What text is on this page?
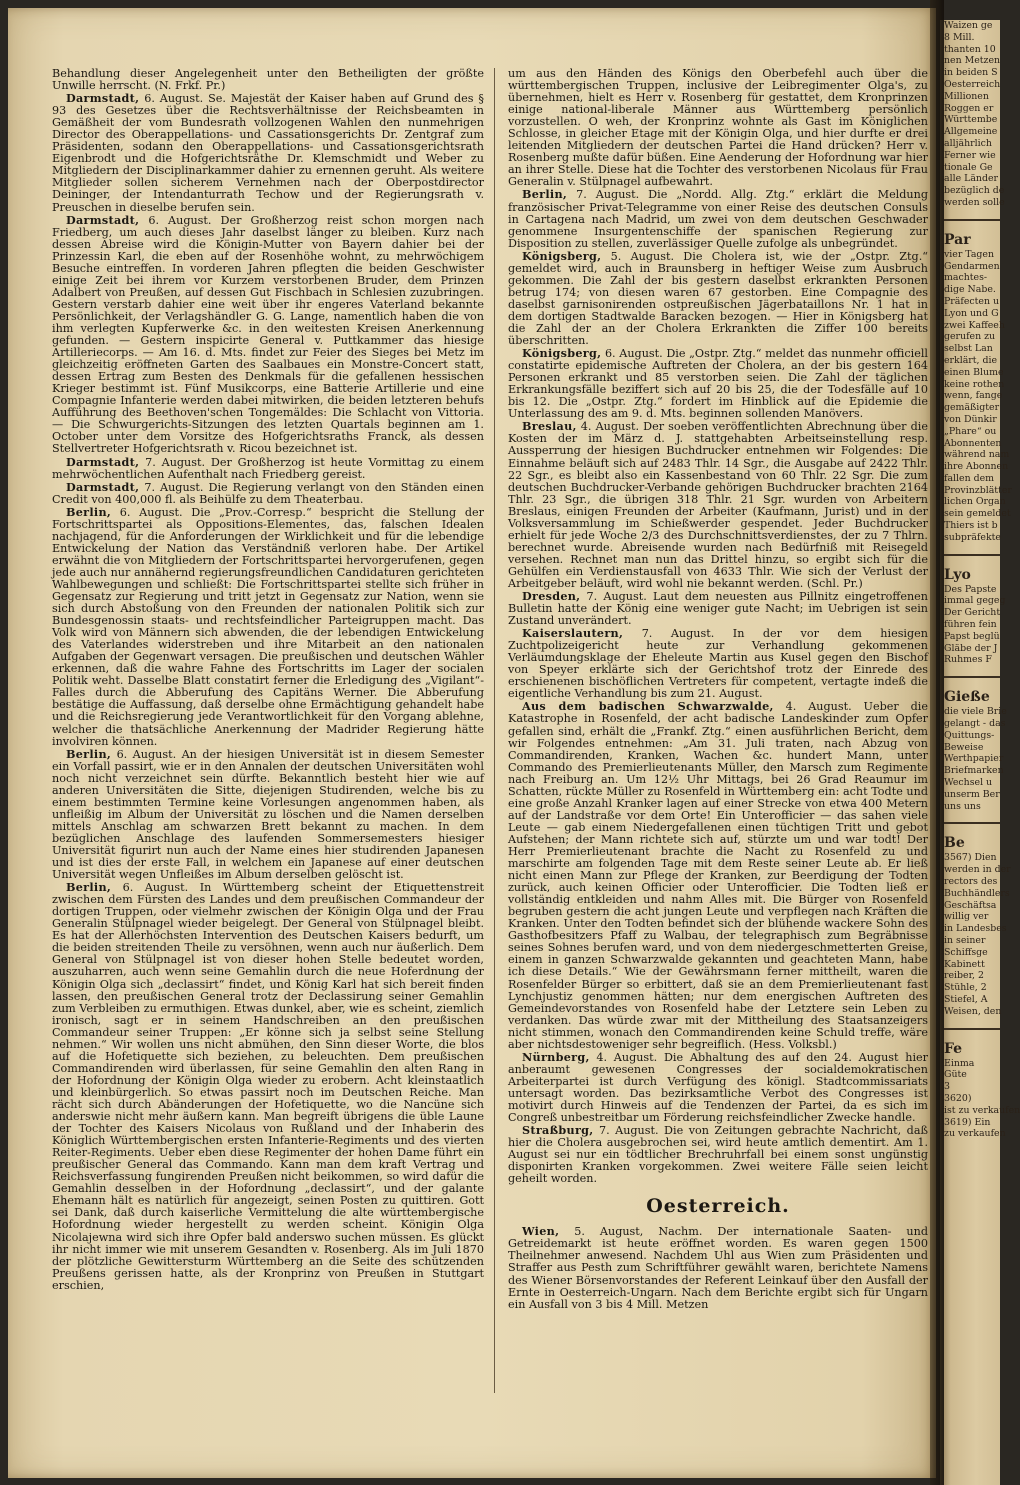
Waizen ge
8 Mill.
thanten 10
nen Metzen
in beiden S
Oesterreich
Millionen
Roggen er
Württembe
Allgemeine
alljährlich
Ferner wie
tionale Ge
alle Länder
bezüglich de
werden solle
Par
vier Tagen
Gendarmen
machtes-
dige Nabe.
Präfecten u
Lyon und G
zwei Kaffeeh
gerufen zu
selbst Lan
erklärt, die
einen Blume
keine rothen
wenn, fange
gemäßigter
von Dünkir
„Phare“ ou
Abonnenten
während nam
ihre Abonnen
fallen dem
Provinzblätter
lichen Organ
sein gemeldet
Thiers ist b
subpräfekte
Lyo
Des Papste
immal gegeg
Der Gericht
führen fein
Papst beglü
Gläbe der J
Ruhmes F
Gieße
die viele Brie
gelangt - das
Quittungs-
Beweise
Werthpapier
Briefmarken
Wechsel u
unserm Ber
uns uns
Be
3567) Dien
werden in der
rectors des
Buchhändlers
Geschäftsa
willig ver
in Landesbes
in seiner
Schiffsge
Kabinett
reiber, 2
Stühle, 2
Stiefel, A
Weisen, den
Fe
Einma
Güte
3
3620)
ist zu verkaufen
3619) Ein
zu verkaufen

Behandlung dieser Angelegenheit unter den Betheiligten der größte Unwille herrscht. (N. Frkf. Pr.)

Darmstadt, 6. August. Se. Majestät der Kaiser haben auf Grund des § 93 des Gesetzes über die Rechtsverhältnisse der Reichsbeamten in Gemäßheit der vom Bundesrath vollzogenen Wahlen den nunmehrigen Director des Oberappellations- und Cassationsgerichts Dr. Zentgraf zum Präsidenten, sodann den Oberappellations- und Cassationsgerichtsrath Eigenbrodt und die Hofgerichtsräthe Dr. Klemschmidt und Weber zu Mitgliedern der Disciplinarkammer dahier zu ernennen geruht. Als weitere Mitglieder sollen sicherem Vernehmen nach der Oberpostdirector Deininger, der Intendanturrath Techow und der Regierungsrath v. Preuschen in dieselbe berufen sein.

Darmstadt, 6. August. Der Großherzog reist schon morgen nach Friedberg, um auch dieses Jahr daselbst länger zu bleiben. Kurz nach dessen Abreise wird die Königin-Mutter von Bayern dahier bei der Prinzessin Karl, die eben auf der Rosenhöhe wohnt, zu mehrwöchigem Besuche eintreffen. In vorderen Jahren pflegten die beiden Geschwister einige Zeit bei ihrem vor Kurzem verstorbenen Bruder, dem Prinzen Adalbert von Preußen, auf dessen Gut Fischbach in Schlesien zuzubringen. Gestern verstarb dahier eine weit über ihr engeres Vaterland bekannte Persönlichkeit, der Verlagshändler G. G. Lange, namentlich haben die von ihm verlegten Kupferwerke &c. in den weitesten Kreisen Anerkennung gefunden. — Gestern inspicirte General v. Puttkammer das hiesige Artilleriecorps. — Am 16. d. Mts. findet zur Feier des Sieges bei Metz im gleichzeitig eröffneten Garten des Saalbaues ein Monstre-Concert statt, dessen Ertrag zum Besten des Denkmals für die gefallenen hessischen Krieger bestimmt ist. Fünf Musikcorps, eine Batterie Artillerie und eine Compagnie Infanterie werden dabei mitwirken, die beiden letzteren behufs Aufführung des Beethoven'schen Tongemäldes: Die Schlacht von Vittoria. — Die Schwurgerichts-Sitzungen des letzten Quartals beginnen am 1. October unter dem Vorsitze des Hofgerichtsraths Franck, als dessen Stellvertreter Hofgerichtsrath v. Ricou bezeichnet ist.

Darmstadt, 7. August. Der Großherzog ist heute Vormittag zu einem mehrwöchentlichen Aufenthalt nach Friedberg gereist.

Darmstadt, 7. August. Die Regierung verlangt von den Ständen einen Credit von 400,000 fl. als Beihülfe zu dem Theaterbau.

Berlin, 6. August. Die „Prov.-Corresp.“ bespricht die Stellung der Fortschrittspartei als Oppositions-Elementes, das, falschen Idealen nachjagend, für die Anforderungen der Wirklichkeit und für die lebendige Entwickelung der Nation das Verständniß verloren habe. Der Artikel erwähnt die von Mitgliedern der Fortschrittspartei hervorgerufenen, gegen jede auch nur annähernd regierungsfreundlichen Candidaturen gerichteten Wahlbewegungen und schließt: Die Fortschrittspartei stellte sich früher in Gegensatz zur Regierung und tritt jetzt in Gegensatz zur Nation, wenn sie sich durch Abstoßung von den Freunden der nationalen Politik sich zur Bundesgenossin staats- und rechtsfeindlicher Parteigruppen macht. Das Volk wird von Männern sich abwenden, die der lebendigen Entwickelung des Vaterlandes widerstreben und ihre Mitarbeit an den nationalen Aufgaben der Gegenwart versagen. Die preußischen und deutschen Wähler erkennen, daß die wahre Fahne des Fortschritts im Lager der socialen Politik weht. Dasselbe Blatt constatirt ferner die Erledigung des „Vigilant“-Falles durch die Abberufung des Capitäns Werner. Die Abberufung bestätige die Auffassung, daß derselbe ohne Ermächtigung gehandelt habe und die Reichsregierung jede Verantwortlichkeit für den Vorgang ablehne, welcher die thatsächliche Anerkennung der Madrider Regierung hätte involviren können.

Berlin, 6. August. An der hiesigen Universität ist in diesem Semester ein Vorfall passirt, wie er in den Annalen der deutschen Universitäten wohl noch nicht verzeichnet sein dürfte. Bekanntlich besteht hier wie auf anderen Universitäten die Sitte, diejenigen Studirenden, welche bis zu einem bestimmten Termine keine Vorlesungen angenommen haben, als unfleißig im Album der Universität zu löschen und die Namen derselben mittels Anschlag am schwarzen Brett bekannt zu machen. In dem bezüglichen Anschlage des laufenden Sommersemesters hiesiger Universität figurirt nun auch der Name eines hier studirenden Japanesen und ist dies der erste Fall, in welchem ein Japanese auf einer deutschen Universität wegen Unfleißes im Album derselben gelöscht ist.

Berlin, 6. August. In Württemberg scheint der Etiquettenstreit zwischen dem Fürsten des Landes und dem preußischen Commandeur der dortigen Truppen, oder vielmehr zwischen der Königin Olga und der Frau Generalin Stülpnagel wieder beigelegt. Der General von Stülpnagel bleibt. Es hat der Allerhöchsten Intervention des Deutschen Kaisers bedurft, um die beiden streitenden Theile zu versöhnen, wenn auch nur äußerlich. Dem General von Stülpnagel ist von dieser hohen Stelle bedeutet worden, auszuharren, auch wenn seine Gemahlin durch die neue Hoferdnung der Königin Olga sich „declassirt“ findet, und König Karl hat sich bereit finden lassen, den preußischen General trotz der Declassirung seiner Gemahlin zum Verbleiben zu ermuthigen. Etwas dunkel, aber, wie es scheint, ziemlich ironisch, sagt er in seinem Handschreiben an den preußischen Commandeur seiner Truppen: „Er könne sich ja selbst seine Stellung nehmen.“ Wir wollen uns nicht abmühen, den Sinn dieser Worte, die blos auf die Hofetiquette sich beziehen, zu beleuchten. Dem preußischen Commandirenden wird überlassen, für seine Gemahlin den alten Rang in der Hofordnung der Königin Olga wieder zu erobern. Acht kleinstaatlich und kleinbürgerlich. So etwas passirt noch im Deutschen Reiche. Man rächt sich durch Abänderungen der Hofetiquette, wo die Nancüne sich anderswie nicht mehr äußern kann. Man begreift übrigens die üble Laune der Tochter des Kaisers Nicolaus von Rußland und der Inhaberin des Königlich Württembergischen ersten Infanterie-Regiments und des vierten Reiter-Regiments. Ueber eben diese Regimenter der hohen Dame führt ein preußischer General das Commando. Kann man dem kraft Vertrag und Reichsverfassung fungirenden Preußen nicht beikommen, so wird dafür die Gemahlin desselben in der Hofordnung „declassirt“, und der galante Ehemann hält es natürlich für angezeigt, seinen Posten zu quittiren. Gott sei Dank, daß durch kaiserliche Vermittelung die alte württembergische Hofordnung wieder hergestellt zu werden scheint. Königin Olga Nicolajewna wird sich ihre Opfer bald anderswo suchen müssen. Es glückt ihr nicht immer wie mit unserem Gesandten v. Rosenberg. Als im Juli 1870 der plötzliche Gewittersturm Württemberg an die Seite des schützenden Preußens gerissen hatte, als der Kronprinz von Preußen in Stuttgart erschien,

um aus den Händen des Königs den Oberbefehl auch über die württembergischen Truppen, inclusive der Leibregimenter Olga's, zu übernehmen, hielt es Herr v. Rosenberg für gestattet, dem Kronprinzen einige national-liberale Männer aus Württemberg persönlich vorzustellen. O weh, der Kronprinz wohnte als Gast im Königlichen Schlosse, in gleicher Etage mit der Königin Olga, und hier durfte er drei leitenden Mitgliedern der deutschen Partei die Hand drücken? Herr v. Rosenberg mußte dafür büßen. Eine Aenderung der Hofordnung war hier an ihrer Stelle. Diese hat die Tochter des verstorbenen Nicolaus für Frau Generalin v. Stülpnagel aufbewahrt.

Berlin, 7. August. Die „Nordd. Allg. Ztg.“ erklärt die Meldung französischer Privat-Telegramme von einer Reise des deutschen Consuls in Cartagena nach Madrid, um zwei von dem deutschen Geschwader genommene Insurgentenschiffe der spanischen Regierung zur Disposition zu stellen, zuverlässiger Quelle zufolge als unbegründet.

Königsberg, 5. August. Die Cholera ist, wie der „Ostpr. Ztg.“ gemeldet wird, auch in Braunsberg in heftiger Weise zum Ausbruch gekommen. Die Zahl der bis gestern daselbst erkrankten Personen betrug 174; von diesen waren 67 gestorben. Eine Compagnie des daselbst garnisonirenden ostpreußischen Jägerbataillons Nr. 1 hat in dem dortigen Stadtwalde Baracken bezogen. — Hier in Königsberg hat die Zahl der an der Cholera Erkrankten die Ziffer 100 bereits überschritten.

Königsberg, 6. August. Die „Ostpr. Ztg.“ meldet das nunmehr officiell constatirte epidemische Auftreten der Cholera, an der bis gestern 164 Personen erkrankt und 85 verstorben seien. Die Zahl der täglichen Erkrankungsfälle beziffert sich auf 20 bis 25, die der Todesfälle auf 10 bis 12. Die „Ostpr. Ztg.“ fordert im Hinblick auf die Epidemie die Unterlassung des am 9. d. Mts. beginnen sollenden Manövers.

Breslau, 4. August. Der soeben veröffentlichten Abrechnung über die Kosten der im März d. J. stattgehabten Arbeitseinstellung resp. Aussperrung der hiesigen Buchdrucker entnehmen wir Folgendes: Die Einnahme beläuft sich auf 2483 Thlr. 14 Sgr., die Ausgabe auf 2422 Thlr. 22 Sgr., es bleibt also ein Kassenbestand von 60 Thlr. 22 Sgr. Die zum deutschen Buchdrucker-Verbande gehörigen Buchdrucker brachten 2164 Thlr. 23 Sgr., die übrigen 318 Thlr. 21 Sgr. wurden von Arbeitern Breslaus, einigen Freunden der Arbeiter (Kaufmann, Jurist) und in der Volksversammlung im Schießwerder gespendet. Jeder Buchdrucker erhielt für jede Woche 2/3 des Durchschnittsverdienstes, der zu 7 Thlrn. berechnet wurde. Abreisende wurden nach Bedürfniß mit Reisegeld versehen. Rechnet man nun das Drittel hinzu, so ergibt sich für die Gehülfen ein Verdienstausfall von 4633 Thlr. Wie sich der Verlust der Arbeitgeber beläuft, wird wohl nie bekannt werden. (Schl. Pr.)

Dresden, 7. August. Laut dem neuesten aus Pillnitz eingetroffenen Bulletin hatte der König eine weniger gute Nacht; im Uebrigen ist sein Zustand unverändert.

Kaiserslautern, 7. August. In der vor dem hiesigen Zuchtpolizeigericht heute zur Verhandlung gekommenen Verläumdungsklage der Eheleute Martin aus Kusel gegen den Bischof von Speyer erklärte sich der Gerichtshof trotz der Einrede des erschienenen bischöflichen Vertreters für competent, vertagte indeß die eigentliche Verhandlung bis zum 21. August.

Aus dem badischen Schwarzwalde, 4. August. Ueber die Katastrophe in Rosenfeld, der acht badische Landeskinder zum Opfer gefallen sind, erhält die „Frankf. Ztg.“ einen ausführlichen Bericht, dem wir Folgendes entnehmen: „Am 31. Juli traten, nach Abzug von Commandirenden, Kranken, Wachen &c. hundert Mann, unter Commando des Premierlieutenants Müller, den Marsch zum Regimente nach Freiburg an. Um 12½ Uhr Mittags, bei 26 Grad Reaumur im Schatten, rückte Müller zu Rosenfeld in Württemberg ein: acht Todte und eine große Anzahl Kranker lagen auf einer Strecke von etwa 400 Metern auf der Landstraße vor dem Orte! Ein Unterofficier — das sahen viele Leute — gab einem Niedergefallenen einen tüchtigen Tritt und gebot Aufstehen; der Mann richtete sich auf, stürzte um und war todt! Der Herr Premierlieutenant brachte die Nacht zu Rosenfeld zu und marschirte am folgenden Tage mit dem Reste seiner Leute ab. Er ließ nicht einen Mann zur Pflege der Kranken, zur Beerdigung der Todten zurück, auch keinen Officier oder Unterofficier. Die Todten ließ er vollständig entkleiden und nahm Alles mit. Die Bürger von Rosenfeld begruben gestern die acht jungen Leute und verpflegen nach Kräften die Kranken. Unter den Todten befindet sich der blühende wackere Sohn des Gasthofbesitzers Pfaff zu Walbau, der telegraphisch zum Begräbnisse seines Sohnes berufen ward, und von dem niedergeschmetterten Greise, einem in ganzen Schwarzwalde gekannten und geachteten Mann, habe ich diese Details.“ Wie der Gewährsmann ferner mittheilt, waren die Rosenfelder Bürger so erbittert, daß sie an dem Premierlieutenant fast Lynchjustiz genommen hätten; nur dem energischen Auftreten des Gemeindevorstandes von Rosenfeld habe der Letztere sein Leben zu verdanken. Das würde zwar mit der Mittheilung des Staatsanzeigers nicht stimmen, wonach den Commandirenden keine Schuld treffe, wäre aber nichtsdestoweniger sehr begreiflich. (Hess. Volksbl.)

Nürnberg, 4. August. Die Abhaltung des auf den 24. August hier anberaumt gewesenen Congresses der socialdemokratischen Arbeiterpartei ist durch Verfügung des königl. Stadtcommissariats untersagt worden. Das bezirksamtliche Verbot des Congresses ist motivirt durch Hinweis auf die Tendenzen der Partei, da es sich im Congreß unbestreitbar um Förderung reichsfeindlicher Zwecke handle.

Straßburg, 7. August. Die von Zeitungen gebrachte Nachricht, daß hier die Cholera ausgebrochen sei, wird heute amtlich dementirt. Am 1. August sei nur ein tödtlicher Brechruhrfall bei einem sonst ungünstig disponirten Kranken vorgekommen. Zwei weitere Fälle seien leicht geheilt worden.

Oesterreich.

Wien, 5. August, Nachm. Der internationale Saaten- und Getreidemarkt ist heute eröffnet worden. Es waren gegen 1500 Theilnehmer anwesend. Nachdem Uhl aus Wien zum Präsidenten und Straffer aus Pesth zum Schriftführer gewählt waren, berichtete Namens des Wiener Börsenvorstandes der Referent Leinkauf über den Ausfall der Ernte in Oesterreich-Ungarn. Nach dem Berichte ergibt sich für Ungarn ein Ausfall von 3 bis 4 Mill. Metzen
